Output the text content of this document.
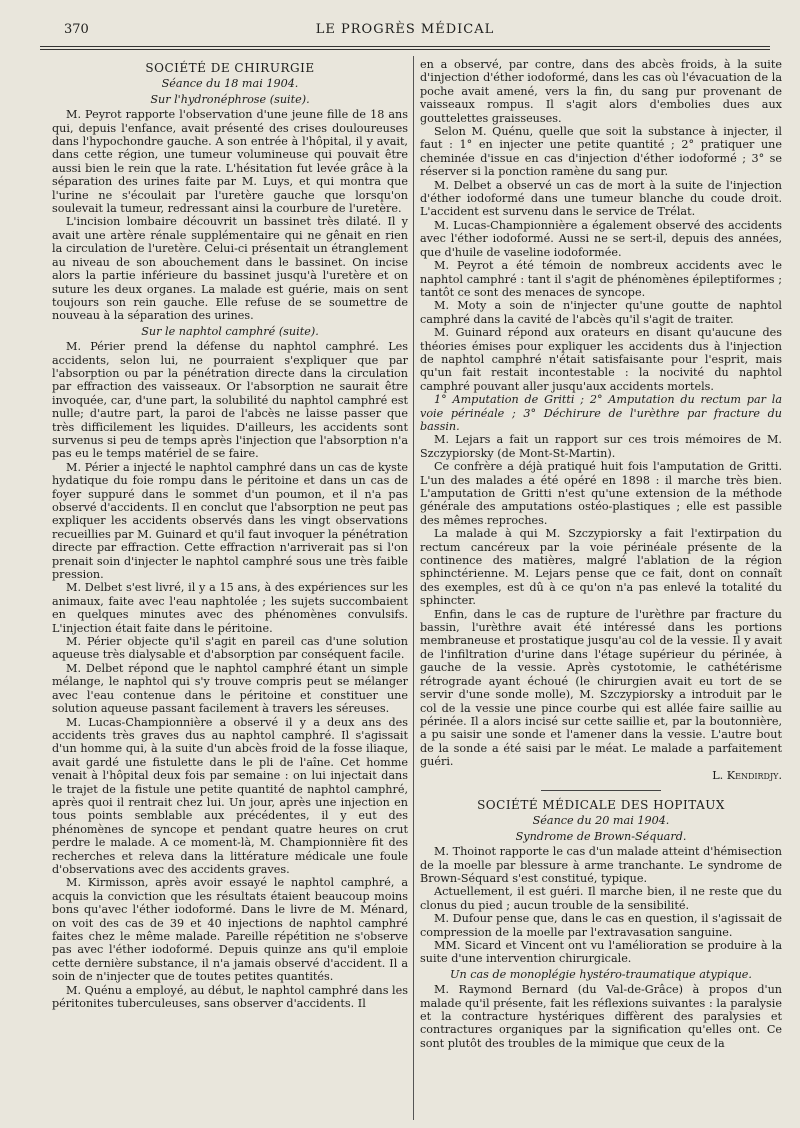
370	LE PROGRÈS MÉDICAL

SOCIÉTÉ DE CHIRURGIE

Séance du 18 mai 1904.

Sur l'hydronéphrose (suite).

M. Peyrot rapporte l'observation d'une jeune fille de 18 ans qui, depuis l'enfance, avait présenté des crises douloureuses dans l'hypochondre gauche. A son entrée à l'hôpital, il y avait, dans cette région, une tumeur volumineuse qui pouvait être aussi bien le rein que la rate. L'hésitation fut levée grâce à la séparation des urines faite par M. Luys, et qui montra que l'urine ne s'écoulait par l'uretère gauche que lorsqu'on soulevait la tumeur, redressant ainsi la courbure de l'uretère.

L'incision lombaire découvrit un bassinet très dilaté. Il y avait une artère rénale supplémentaire qui ne gênait en rien la circulation de l'uretère. Celui-ci présentait un étranglement au niveau de son abouchement dans le bassinet. On incise alors la partie inférieure du bassinet jusqu'à l'uretère et on suture les deux organes. La malade est guérie, mais on sent toujours son rein gauche. Elle refuse de se soumettre de nouveau à la séparation des urines.

Sur le naphtol camphré (suite).

M. Périer prend la défense du naphtol camphré. Les accidents, selon lui, ne pourraient s'expliquer que par l'absorption ou par la pénétration directe dans la circulation par effraction des vaisseaux. Or l'absorption ne saurait être invoquée, car, d'une part, la solubilité du naphtol camphré est nulle; d'autre part, la paroi de l'abcès ne laisse passer que très difficilement les liquides. D'ailleurs, les accidents sont survenus si peu de temps après l'injection que l'absorption n'a pas eu le temps matériel de se faire.

M. Périer a injecté le naphtol camphré dans un cas de kyste hydatique du foie rompu dans le péritoine et dans un cas de foyer suppuré dans le sommet d'un poumon, et il n'a pas observé d'accidents. Il en conclut que l'absorption ne peut pas expliquer les accidents observés dans les vingt observations recueillies par M. Guinard et qu'il faut invoquer la pénétration directe par effraction. Cette effraction n'arriverait pas si l'on prenait soin d'injecter le naphtol camphré sous une très faible pression.

M. Delbet s'est livré, il y a 15 ans, à des expériences sur les animaux, faite avec l'eau naphtolée ; les sujets succombaient en quelques minutes avec des phénomènes convulsifs. L'injection était faite dans le péritoine.

M. Périer objecte qu'il s'agit en pareil cas d'une solution aqueuse très dialysable et d'absorption par conséquent facile.

M. Delbet répond que le naphtol camphré étant un simple mélange, le naphtol qui s'y trouve compris peut se mélanger avec l'eau contenue dans le péritoine et constituer une solution aqueuse passant facilement à travers les séreuses.

M. Lucas-Championnière a observé il y a deux ans des accidents très graves dus au naphtol camphré. Il s'agissait d'un homme qui, à la suite d'un abcès froid de la fosse iliaque, avait gardé une fistulette dans le pli de l'aîne. Cet homme venait à l'hôpital deux fois par semaine : on lui injectait dans le trajet de la fistule une petite quantité de naphtol camphré, après quoi il rentrait chez lui. Un jour, après une injection en tous points semblable aux précédentes, il y eut des phénomènes de syncope et pendant quatre heures on crut perdre le malade. A ce moment-là, M. Championnière fit des recherches et releva dans la littérature médicale une foule d'observations avec des accidents graves.

M. Kirmisson, après avoir essayé le naphtol camphré, a acquis la conviction que les résultats étaient beaucoup moins bons qu'avec l'éther iodoformé. Dans le livre de M. Ménard, on voit des cas de 39 et 40 injections de naphtol camphré faites chez le même malade. Pareille répétition ne s'observe pas avec l'éther iodoformé. Depuis quinze ans qu'il emploie cette dernière substance, il n'a jamais observé d'accident. Il a soin de n'injecter que de toutes petites quantités.

M. Quénu a employé, au début, le naphtol camphré dans les péritonites tuberculeuses, sans observer d'accidents. Il

en a observé, par contre, dans des abcès froids, à la suite d'injection d'éther iodoformé, dans les cas où l'évacuation de la poche avait amené, vers la fin, du sang pur provenant de vaisseaux rompus. Il s'agit alors d'embolies dues aux gouttelettes graisseuses.

Selon M. Quénu, quelle que soit la substance à injecter, il faut : 1° en injecter une petite quantité ; 2° pratiquer une cheminée d'issue en cas d'injection d'éther iodoformé ; 3° se réserver si la ponction ramène du sang pur.

M. Delbet a observé un cas de mort à la suite de l'injection d'éther iodoformé dans une tumeur blanche du coude droit. L'accident est survenu dans le service de Trélat.

M. Lucas-Championnière a également observé des accidents avec l'éther iodoformé. Aussi ne se sert-il, depuis des années, que d'huile de vaseline iodoformée.

M. Peyrot a été témoin de nombreux accidents avec le naphtol camphré : tant il s'agit de phénomènes épileptiformes ; tantôt ce sont des menaces de syncope.

M. Moty a soin de n'injecter qu'une goutte de naphtol camphré dans la cavité de l'abcès qu'il s'agit de traiter.

M. Guinard répond aux orateurs en disant qu'aucune des théories émises pour expliquer les accidents dus à l'injection de naphtol camphré n'était satisfaisante pour l'esprit, mais qu'un fait restait incontestable : la nocivité du naphtol camphré pouvant aller jusqu'aux accidents mortels.

1° Amputation de Gritti ; 2° Amputation du rectum par la voie périnéale ; 3° Déchirure de l'urèthre par fracture du bassin.

M. Lejars a fait un rapport sur ces trois mémoires de M. Szczypiorsky (de Mont-St-Martin).

Ce confrère a déjà pratiqué huit fois l'amputation de Gritti. L'un des malades a été opéré en 1898 : il marche très bien. L'amputation de Gritti n'est qu'une extension de la méthode générale des amputations ostéo-plastiques ; elle est passible des mêmes reproches.

La malade à qui M. Szczypiorsky a fait l'extirpation du rectum cancéreux par la voie périnéale présente de la continence des matières, malgré l'ablation de la région sphinctérienne. M. Lejars pense que ce fait, dont on connaît des exemples, est dû à ce qu'on n'a pas enlevé la totalité du sphincter.

Enfin, dans le cas de rupture de l'urèthre par fracture du bassin, l'urèthre avait été intéressé dans les portions membraneuse et prostatique jusqu'au col de la vessie. Il y avait de l'infiltration d'urine dans l'étage supérieur du périnée, à gauche de la vessie. Après cystotomie, le cathétérisme rétrograde ayant échoué (le chirurgien avait eu tort de se servir d'une sonde molle), M. Szczypiorsky a introduit par le col de la vessie une pince courbe qui est allée faire saillie au périnée. Il a alors incisé sur cette saillie et, par la boutonnière, a pu saisir une sonde et l'amener dans la vessie. L'autre bout de la sonde a été saisi par le méat. Le malade a parfaitement guéri.

L. Kendirdjy.

SOCIÉTÉ MÉDICALE DES HOPITAUX

Séance du 20 mai 1904.

Syndrome de Brown-Séquard.

M. Thoinot rapporte le cas d'un malade atteint d'hémisection de la moelle par blessure à arme tranchante. Le syndrome de Brown-Séquard s'est constitué, typique.

Actuellement, il est guéri. Il marche bien, il ne reste que du clonus du pied ; aucun trouble de la sensibilité.

M. Dufour pense que, dans le cas en question, il s'agissait de compression de la moelle par l'extravasation sanguine.

MM. Sicard et Vincent ont vu l'amélioration se produire à la suite d'une intervention chirurgicale.

Un cas de monoplégie hystéro-traumatique atypique.

M. Raymond Bernard (du Val-de-Grâce) à propos d'un malade qu'il présente, fait les réflexions suivantes : la paralysie et la contracture hystériques diffèrent des paralysies et contractures organiques par la signification qu'elles ont. Ce sont plutôt des troubles de la mimique que ceux de la
